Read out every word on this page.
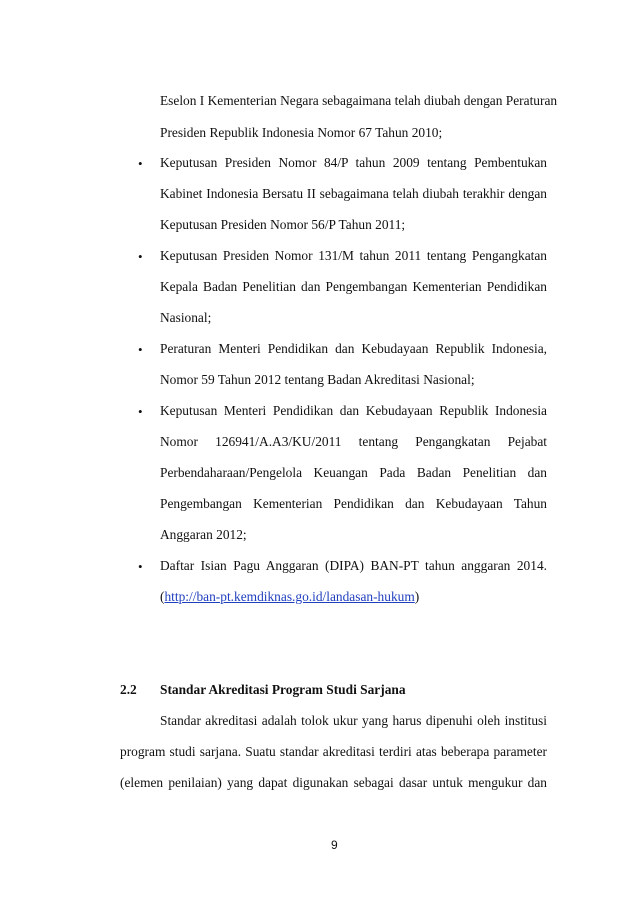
Eselon I Kementerian Negara sebagaimana telah diubah dengan Peraturan
Presiden Republik Indonesia Nomor 67 Tahun 2010;
• Keputusan Presiden Nomor 84/P tahun 2009 tentang Pembentukan
Kabinet Indonesia Bersatu II sebagaimana telah diubah terakhir dengan
Keputusan Presiden Nomor 56/P Tahun 2011;
• Keputusan Presiden Nomor 131/M tahun 2011 tentang Pengangkatan
Kepala Badan Penelitian dan Pengembangan Kementerian Pendidikan
Nasional;
• Peraturan Menteri Pendidikan dan Kebudayaan Republik Indonesia,
Nomor 59 Tahun 2012 tentang Badan Akreditasi Nasional;
• Keputusan Menteri Pendidikan dan Kebudayaan Republik Indonesia
Nomor 126941/A.A3/KU/2011 tentang Pengangkatan Pejabat
Perbendaharaan/Pengelola Keuangan Pada Badan Penelitian dan
Pengembangan Kementerian Pendidikan dan Kebudayaan Tahun
Anggaran 2012;
• Daftar Isian Pagu Anggaran (DIPA) BAN-PT tahun anggaran 2014.
(http://ban-pt.kemdiknas.go.id/landasan-hukum)
2.2 Standar Akreditasi Program Studi Sarjana
Standar akreditasi adalah tolok ukur yang harus dipenuhi oleh institusi
program studi sarjana. Suatu standar akreditasi terdiri atas beberapa parameter
(elemen penilaian) yang dapat digunakan sebagai dasar untuk mengukur dan
9
